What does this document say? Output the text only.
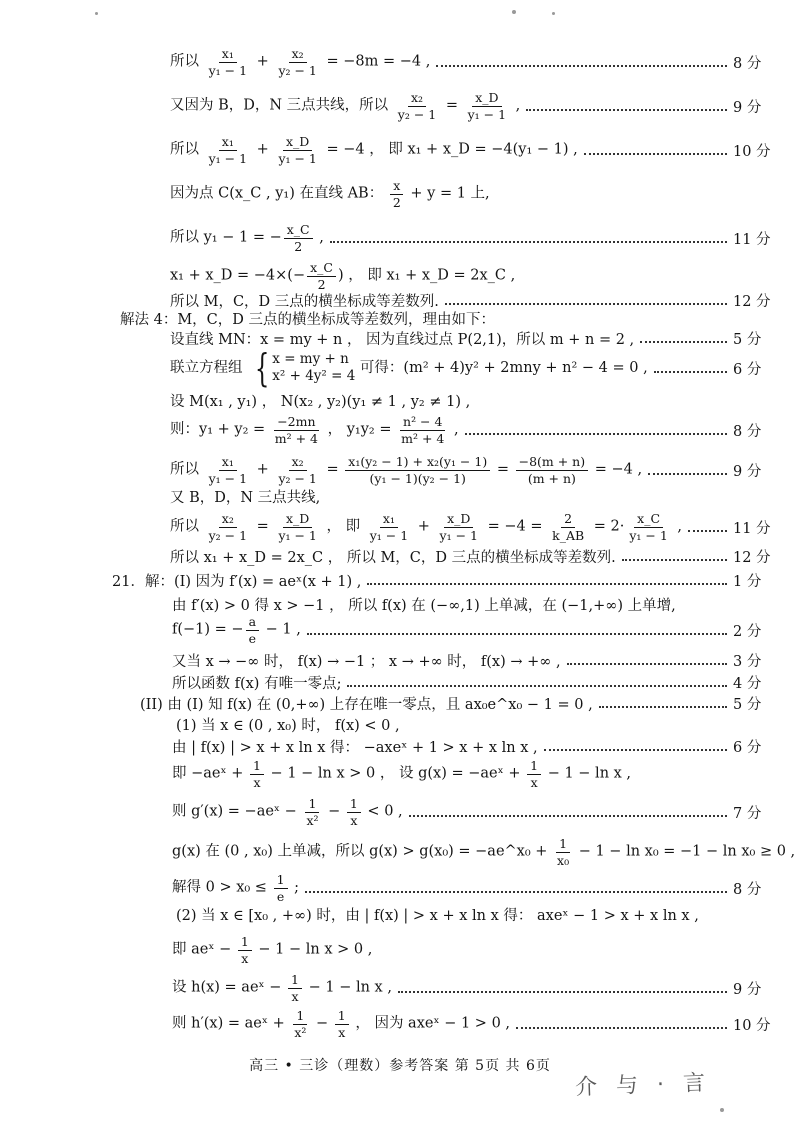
所以 $\frac{\text{x₁}}{\text{y₁ − 1}} + \frac{\text{x₂}}{\text{y₂ − 1}} = -8m = -4$ ,	8 分
又因为 B，D，N 三点共线，所以 $\frac{\text{x₂}}{\text{y₂ − 1}} = \frac{x\_D}{\text{y₁ − 1}}$ ,	9 分
所以 $\frac{\text{x₁}}{\text{y₁ − 1}} + \frac{x\_D}{\text{y₁ − 1}} = -4$ ， 即 x₁ + x_D = −4(y₁ − 1) ,	10 分
因为点 C(x_C , y₁) 在直线 AB： $\frac{x}{2} + y = 1$ 上,
所以 y₁ − 1 = − $\frac{x\_C}{2}$ ,	11 分
x₁ + x_D = $-4\times(- \frac{x\_C}{2}$ ) ， 即 x₁ + x_D = 2x_C ,
所以 M，C，D 三点的横坐标成等差数列.	12 分
解法 4：M，C，D 三点的横坐标成等差数列，理由如下：
设直线 MN：x = my + n ， 因为直线过点 P(2,1)，所以 m + n = 2 ,	5 分
联立方程组 { x = my + n
x² + 4y² = 4 可得：(m² + 4)y² + 2mny + n² − 4 = 0 ,	6 分
设 M(x₁ , y₁) ， N(x₂ , y₂)(y₁ ≠ 1 , y₂ ≠ 1) ,
则：$y_1 + y_2 = \frac{-2mn}{\text{m² + 4}}$ ， $y_1y_2 = \frac{\text{n² − 4}}{\text{m² + 4}}$ ,	8 分
所以 $\frac{\text{x₁}}{\text{y₁ − 1}} + \frac{\text{x₂}}{\text{y₂ − 1}} = \frac{\text{x₁(y₂ − 1) + x₂(y₁ − 1)}}{\text{(y₁ − 1)(y₂ − 1)}} = \frac{-8(m + n)}{(m + n)} = -4$ ,	9 分
又 B，D，N 三点共线,
所以 $\frac{\text{x₂}}{\text{y₂ − 1}} = \frac{x\_D}{\text{y₁ − 1}}$ ， 即 $\frac{\text{x₁}}{\text{y₁ − 1}} + \frac{x\_D}{\text{y₁ − 1}} = -4 = \frac{2}{k\_AB} = 2\cdot \frac{x\_C}{\text{y₁ − 1}}$ ,	11 分
所以 x₁ + x_D = 2x_C ， 所以 M，C，D 三点的横坐标成等差数列.	12 分
21．解：(I) 因为 f′(x) = aeˣ(x + 1) ,	1 分
由 f′(x) > 0 得 x > −1 ， 所以 f(x) 在 (−∞,1) 上单减，在 (−1,+∞) 上单增,
f(−1) = − $\frac{a}{e} - 1$ ,	2 分
又当 x → −∞ 时， f(x) → −1 ； x → +∞ 时， f(x) → +∞ ,	3 分
所以函数 f(x) 有唯一零点;	4 分
(II) 由 (I) 知 f(x) 在 (0,+∞) 上存在唯一零点，且 ax₀e^x₀ − 1 = 0 ,	5 分
(1) 当 x ∈ (0 , x₀) 时， f(x) < 0 ,
由 | f(x) | > x + x ln x 得： −axeˣ + 1 > x + x ln x ,	6 分
即 −aeˣ + $\frac{1}{x} - 1 - \ln x > 0$ ， 设 g(x) = −aeˣ + $\frac{1}{x} - 1 - \ln x$ ,
则 g′(x) = −aeˣ − $\frac{1}{\text{x²}} - \frac{1}{x} < 0$ ,	7 分
g(x) 在 (0 , x₀) 上单减，所以 g(x) > g(x₀) = −ae^x₀ + $\frac{1}{\text{x₀}} - 1 - \ln x_0 = -1 - \ln x_0 \ge 0$ ,
解得 $0 > x_0 \le \frac{1}{e}$ ;	8 分
(2) 当 x ∈ [x₀ , +∞) 时，由 | f(x) | > x + x ln x 得： axeˣ − 1 > x + x ln x ,
即 aeˣ − $\frac{1}{x} - 1 - \ln x > 0$ ,
设 h(x) = aeˣ − $\frac{1}{x} - 1 - \ln x$ ,	9 分
则 h′(x) = aeˣ + $\frac{1}{\text{x²}} - \frac{1}{x}$ ， 因为 axeˣ − 1 > 0 ,	10 分
高三 • 三诊（理数）参考答案 第 5页 共 6页
介 与 · 言
